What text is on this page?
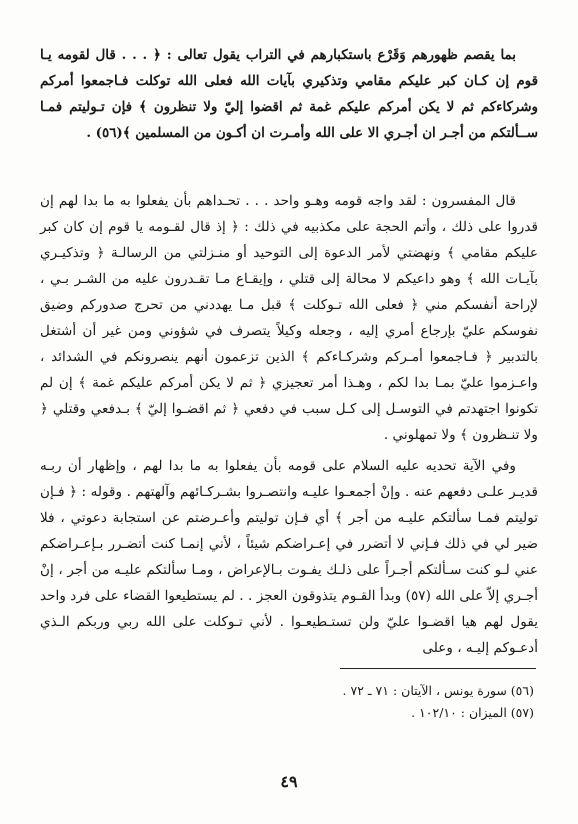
بما يقصم ظهورهم وَقَرْع باستكبارهم في التراب يقول تعالى : ﴿ . . . قال لقومه يـا قوم إن كـان كبر عليكم مقامي وتذكيري بآيات الله فعلى الله توكلت فـاجمعوا أمركم وشركاءكم ثم لا يكن أمركم عليكم غمة ثم اقضوا إليّ ولا تنظرون ﴾ فإن تـوليتم فمـا ســألتكم من أجـر ان أجـري الا على الله وأمـرت ان أكـون من المسلمين ﴾(٥٦) .

قال المفسرون : لقد واجه قومه وهـو واحد . . . تحـداهم بأن يفعلوا به ما بدا لهم إن قدروا على ذلك ، وأتم الحجة على مكذبيه في ذلك : ﴿ إذ قال لقـومه يا قوم إن كان كبر عليكم مقامي ﴾ ونهضتي لأمر الدعوة إلى التوحيد أو منـزلتي من الرسالـة ﴿ وتذكيـري بآيـات الله ﴾ وهو داعيكم لا محالة إلى قتلي ، وإيقـاع مـا تقـدرون عليه من الشـر بـي ، لإراحة أنفسكم مني ﴿ فعلى الله تـوكلت ﴾ قبل مـا يهددني من تحرج صدوركم وضيق نفوسكم عليّ بإرجاع أمري إليه ، وجعله وكيلاً يتصرف في شؤوني ومن غير أن أشتغل بالتدبير ﴿ فـاجمعوا أمـركم وشركـاءكم ﴾ الذين تزعمون أنهم ينصرونكم في الشدائد ، واعـزموا عليّ بمـا بدا لكم ، وهـذا أمر تعجيزي ﴿ ثم لا يكن أمركم عليكم غمة ﴾ إن لم تكونوا اجتهدتم في التوسـل إلى كـل سبب في دفعي ﴿ ثم اقضـوا إليّ ﴾ بـدفعي وقتلي ﴿ ولا تنـظرون ﴾ ولا تمهلوني .

وفي الآية تحديه عليه السلام على قومه بأن يفعلوا به ما بدا لهم ، وإظهار أن ربـه قديـر علـى دفعهم عنه . وإنْ أجمعـوا عليـه وانتصـروا بشـركـائهم وآلهتهم . وقوله : ﴿ فـإن توليتم فمـا سألتكم عليـه من أجر ﴾ أي فـإن توليتم وأعـرضتم عن استجابة دعوتي ، فلا ضير لي في ذلك فـإني لا أتضرر في إعـراضكم شيئاً ، لأني إنمـا كنت أتضـرر بـإعـراضكم عني لـو كنت سـألتكم أجـراً على ذلـك يفـوت بـالإعراض ، ومـا سألتكم عليـه من أجر ، إنْ أجـري إلاّ على الله (٥٧) وبدأ القـوم يتذوقون العجز . . لم يستطيعوا القضاء على فرد واحد يقول لهم هيا اقضـوا عليّ ولن تستـطيعـوا . لأني تـوكلت على الله ربي وربكم الـذي أدعـوكم إليـه ، وعلى

(٥٦) سورة يونس ، الآيتان : ٧١ ـ ٧٢ .
(٥٧) الميزان : ١٠٢/١٠ .
٤٩
